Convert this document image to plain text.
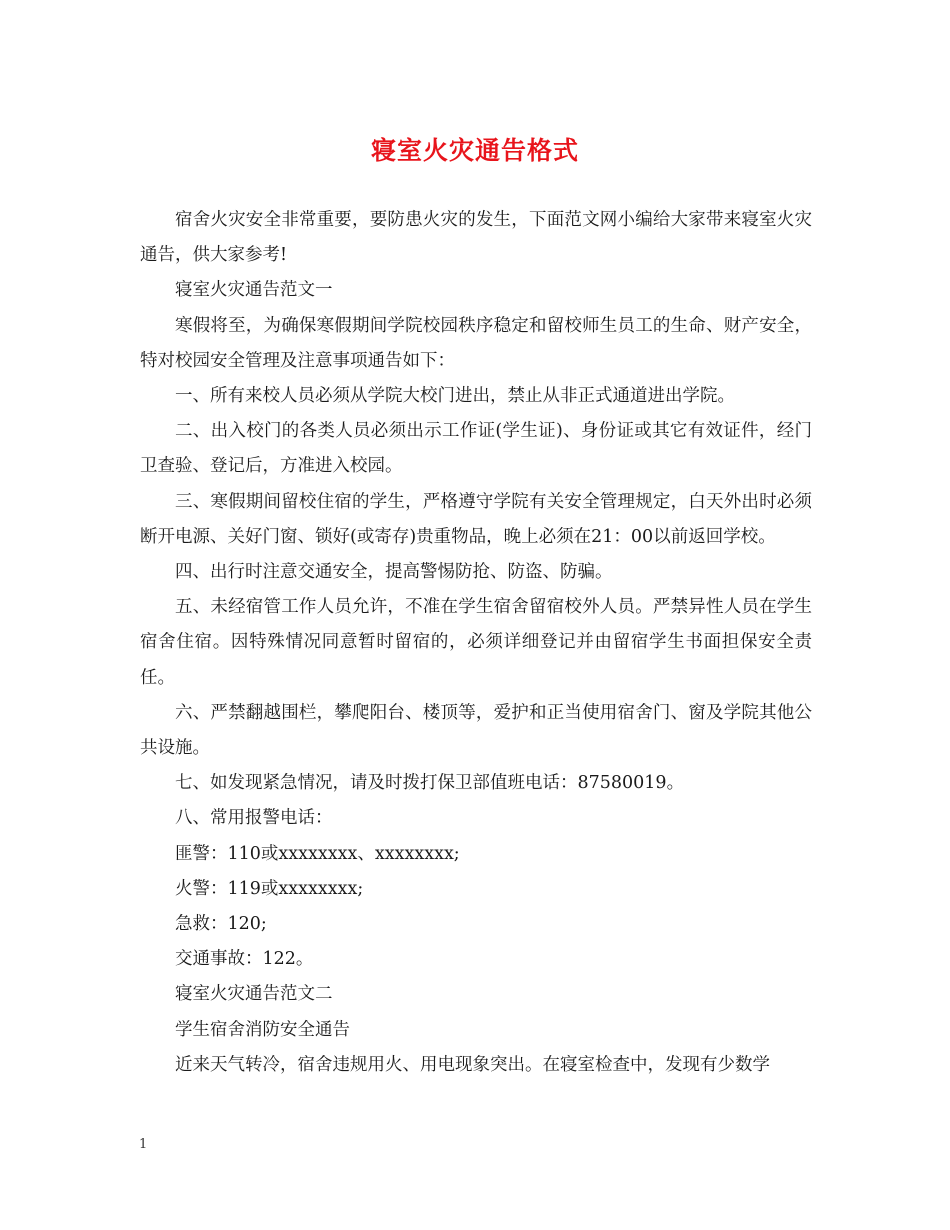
寝室火灾通告格式

宿舍火灾安全非常重要，要防患火灾的发生，下面范文网小编给大家带来寝室火灾通告，供大家参考!

寝室火灾通告范文一

寒假将至，为确保寒假期间学院校园秩序稳定和留校师生员工的生命、财产安全，特对校园安全管理及注意事项通告如下：

一、所有来校人员必须从学院大校门进出，禁止从非正式通道进出学院。

二、出入校门的各类人员必须出示工作证(学生证)、身份证或其它有效证件，经门卫查验、登记后，方准进入校园。

三、寒假期间留校住宿的学生，严格遵守学院有关安全管理规定，白天外出时必须断开电源、关好门窗、锁好(或寄存)贵重物品，晚上必须在21：00以前返回学校。

四、出行时注意交通安全，提高警惕防抢、防盗、防骗。

五、未经宿管工作人员允许，不准在学生宿舍留宿校外人员。严禁异性人员在学生宿舍住宿。因特殊情况同意暂时留宿的，必须详细登记并由留宿学生书面担保安全责任。

六、严禁翻越围栏，攀爬阳台、楼顶等，爱护和正当使用宿舍门、窗及学院其他公共设施。

七、如发现紧急情况，请及时拨打保卫部值班电话：87580019。

八、常用报警电话：

匪警：110或xxxxxxxx、xxxxxxxx;

火警：119或xxxxxxxx;

急救：120;

交通事故：122。

寝室火灾通告范文二

学生宿舍消防安全通告

近来天气转冷，宿舍违规用火、用电现象突出。在寝室检查中，发现有少数学

1
